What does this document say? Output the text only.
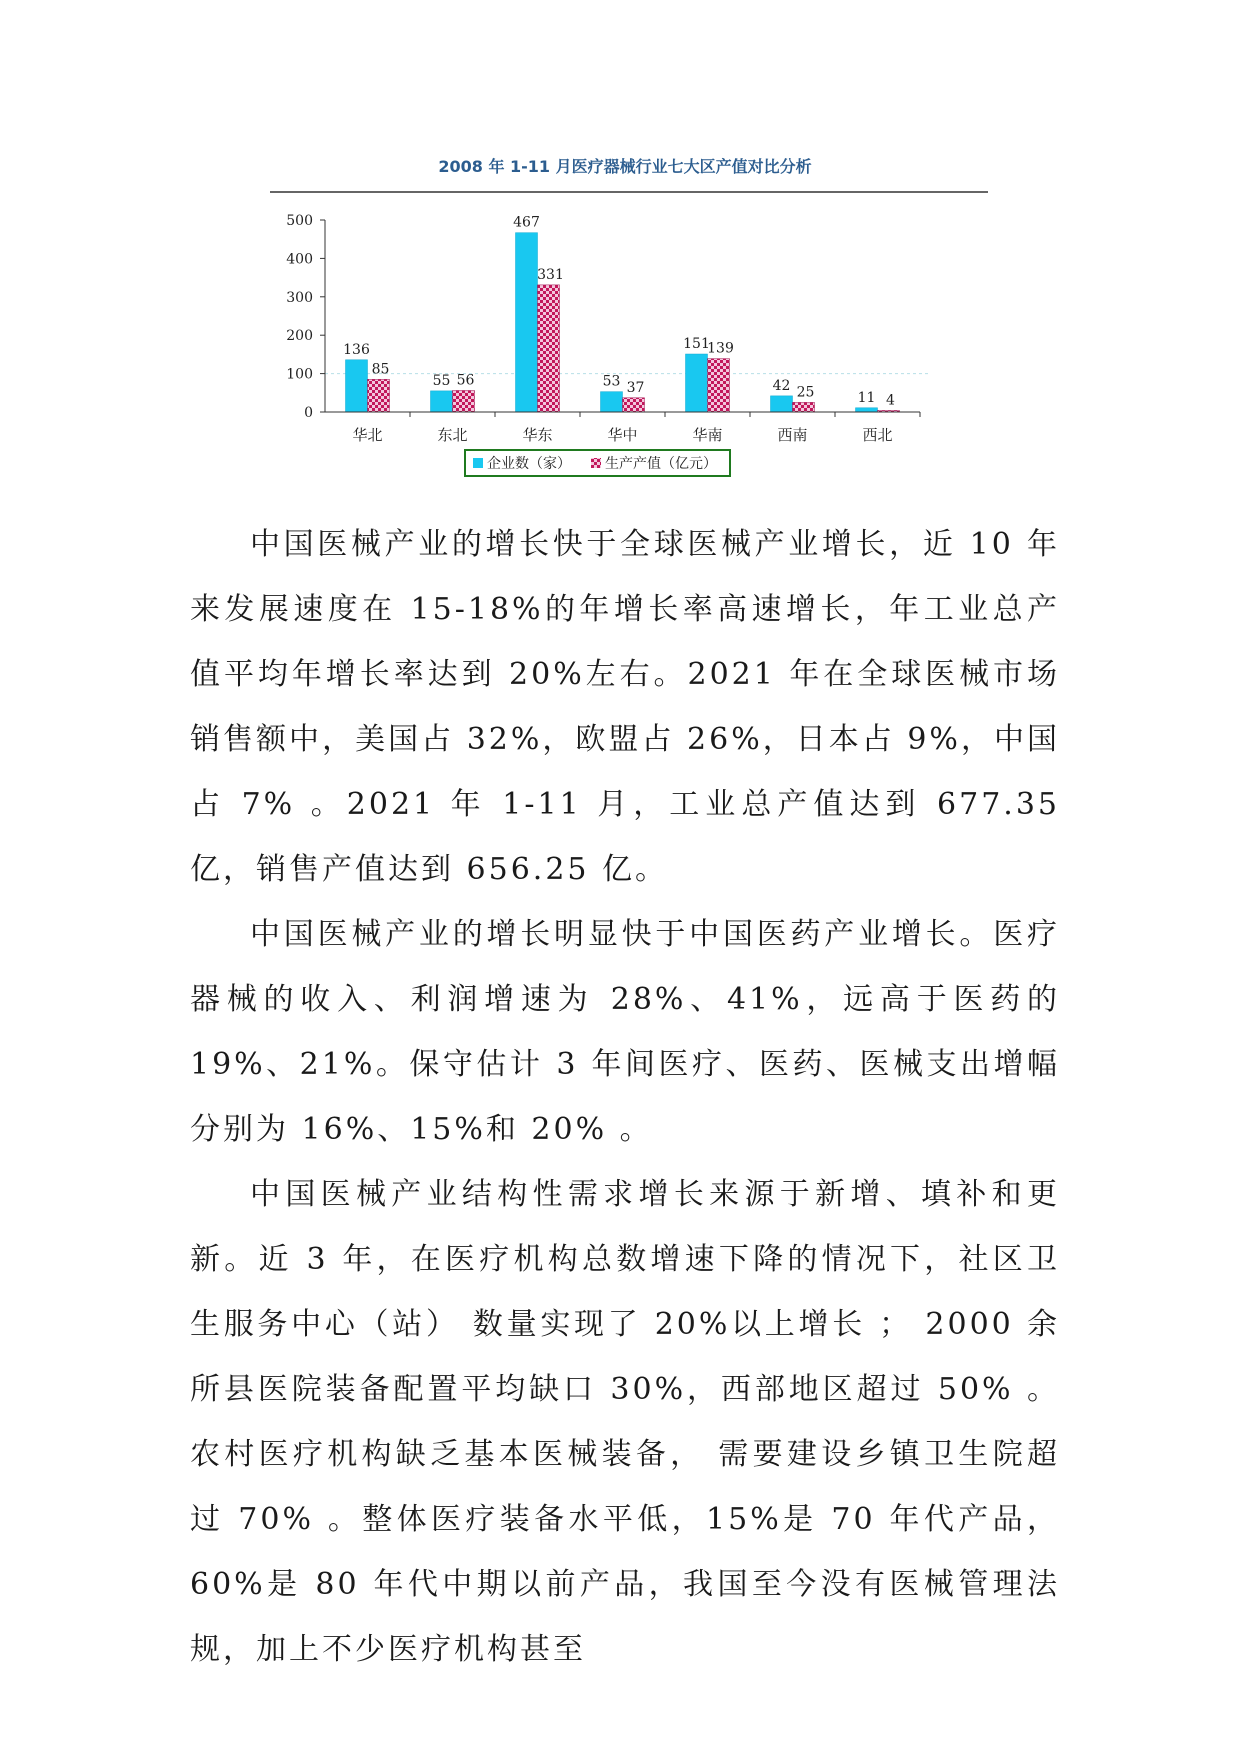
2008 年 1-11 月医疗器械行业七大区产值对比分析
0
100
200
300
400
500
华北
136
85
东北
55 56
华东
467
331
华中
53 37
华南
151
139
西南
42 25
西北
11 4
企业数（家） 生产产值（亿元）

中国医械产业的增长快于全球医械产业增长，近 10 年来发展速度在 15-18%的年增长率高速增长，年工业总产值平均年增长率达到 20%左右。2021 年在全球医械市场销售额中，美国占 32%，欧盟占 26%，日本占 9%，中国占 7% 。2021 年 1-11 月，工业总产值达到 677.35 亿，销售产值达到 656.25 亿。

中国医械产业的增长明显快于中国医药产业增长。医疗器械的收入、利润增速为 28%、41%，远高于医药的 19%、21%。保守估计 3 年间医疗、医药、医械支出增幅分别为 16%、15%和 20% 。

中国医械产业结构性需求增长来源于新增、填补和更新。近 3 年，在医疗机构总数增速下降的情况下，社区卫生服务中心（站） 数量实现了 20%以上增长 ； 2000 余所县医院装备配置平均缺口 30%，西部地区超过 50% 。农村医疗机构缺乏基本医械装备， 需要建设乡镇卫生院超过 70% 。整体医疗装备水平低，15%是 70 年代产品，60%是 80 年代中期以前产品，我国至今没有医械管理法规，加上不少医疗机构甚至
